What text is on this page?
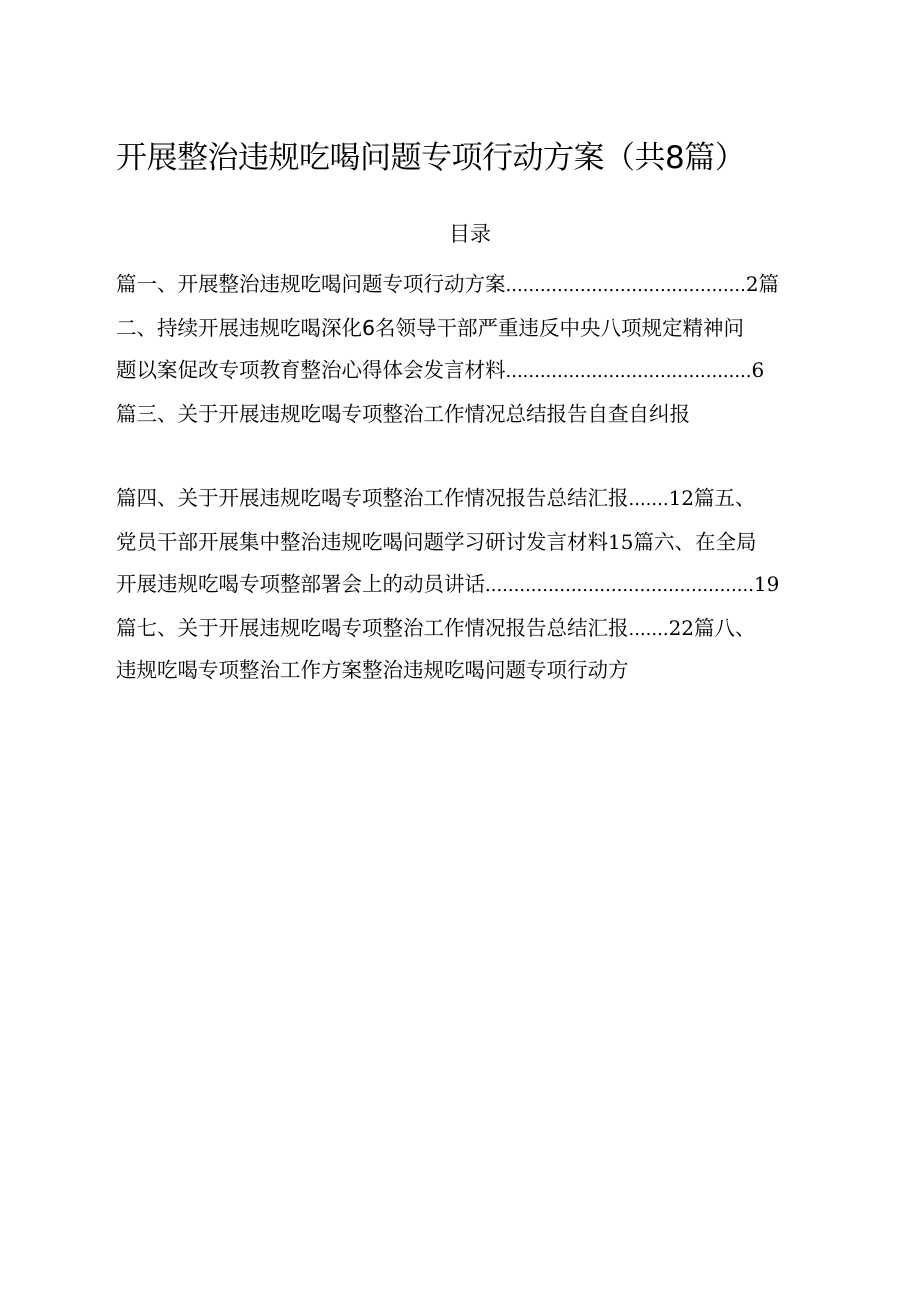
开展整治违规吃喝问题专项行动方案（共8篇）
目录
篇一、开展整治违规吃喝问题专项行动方案..........................................2篇
二、持续开展违规吃喝深化6名领导干部严重违反中央八项规定精神问
题以案促改专项教育整治心得体会发言材料...........................................6
篇三、关于开展违规吃喝专项整治工作情况总结报告自查自纠报
篇四、关于开展违规吃喝专项整治工作情况报告总结汇报.......12篇五、
党员干部开展集中整治违规吃喝问题学习研讨发言材料15篇六、在全局
开展违规吃喝专项整部署会上的动员讲话...............................................19
篇七、关于开展违规吃喝专项整治工作情况报告总结汇报.......22篇八、
违规吃喝专项整治工作方案整治违规吃喝问题专项行动方
